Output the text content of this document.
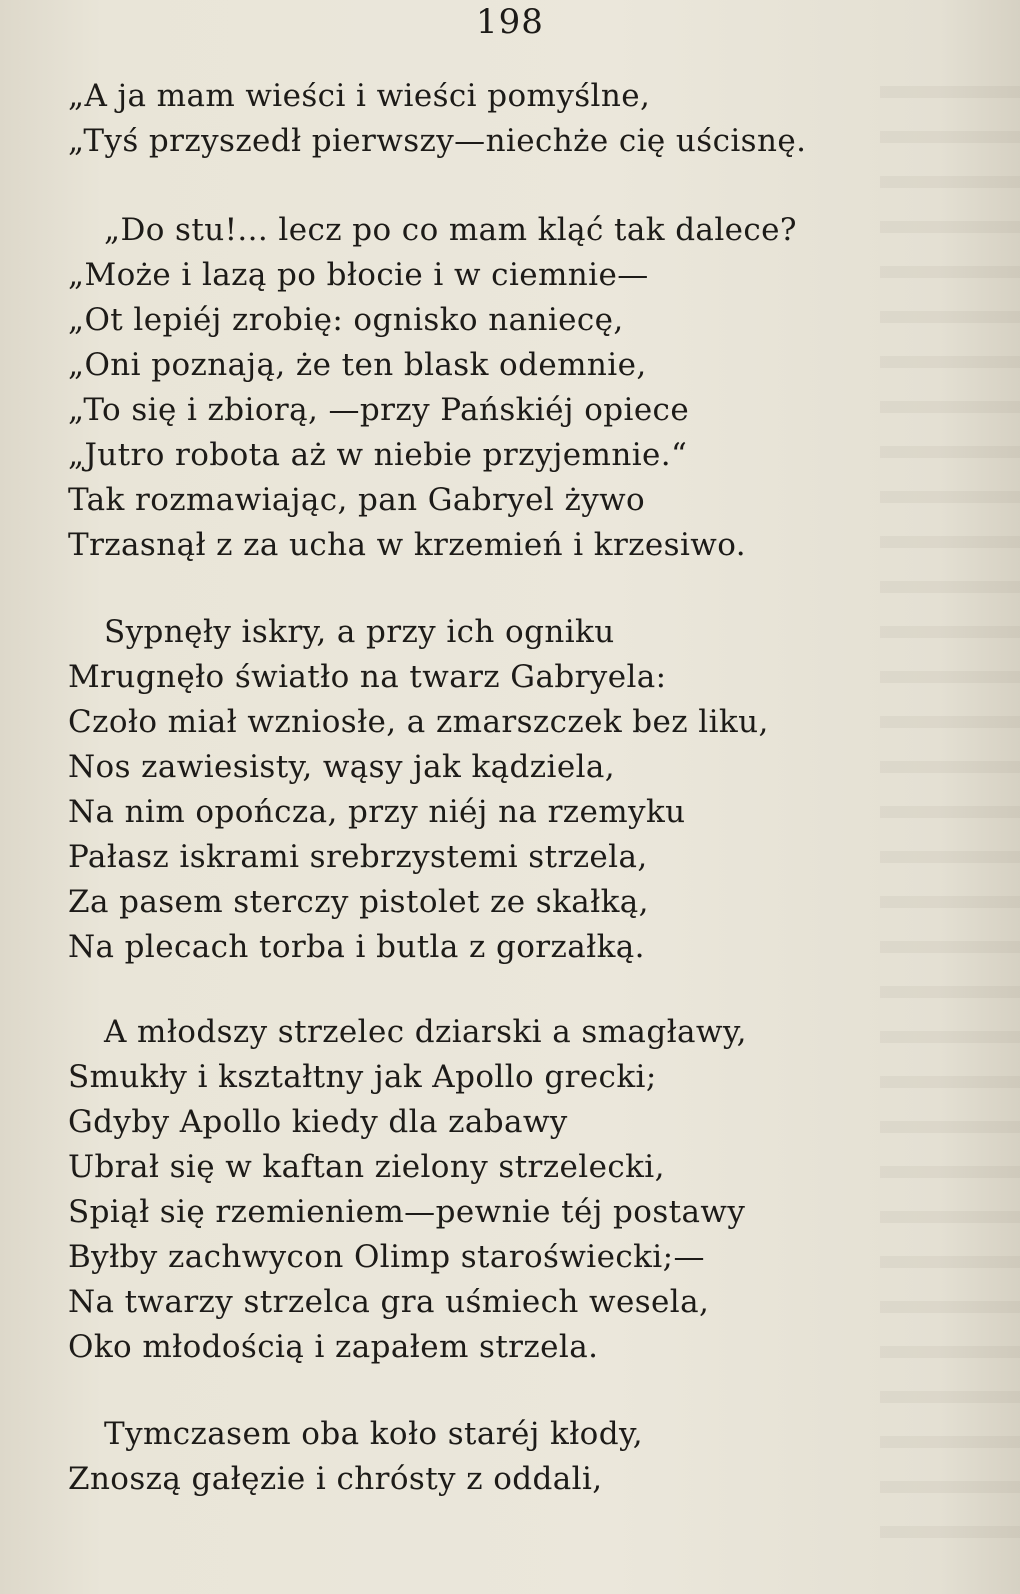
198
„A ja mam wieści i wieści pomyślne,
„Tyś przyszedł pierwszy—niechże cię uścisnę.
„Do stu!... lecz po co mam kląć tak dalece?
„Może i lazą po błocie i w ciemnie—
„Ot lepiéj zrobię: ognisko naniecę,
„Oni poznają, że ten blask odemnie,
„To się i zbiorą, —przy Pańskiéj opiece
„Jutro robota aż w niebie przyjemnie.“
Tak rozmawiając, pan Gabryel żywo
Trzasnął z za ucha w krzemień i krzesiwo.
Sypnęły iskry, a przy ich ogniku
Mrugnęło światło na twarz Gabryela:
Czoło miał wzniosłe, a zmarszczek bez liku,
Nos zawiesisty, wąsy jak kądziela,
Na nim opończa, przy niéj na rzemyku
Pałasz iskrami srebrzystemi strzela,
Za pasem sterczy pistolet ze skałką,
Na plecach torba i butla z gorzałką.
A młodszy strzelec dziarski a smagławy,
Smukły i kształtny jak Apollo grecki;
Gdyby Apollo kiedy dla zabawy
Ubrał się w kaftan zielony strzelecki,
Spiął się rzemieniem—pewnie téj postawy
Byłby zachwycon Olimp staroświecki;—
Na twarzy strzelca gra uśmiech wesela,
Oko młodością i zapałem strzela.
Tymczasem oba koło staréj kłody,
Znoszą gałęzie i chrósty z oddali,
